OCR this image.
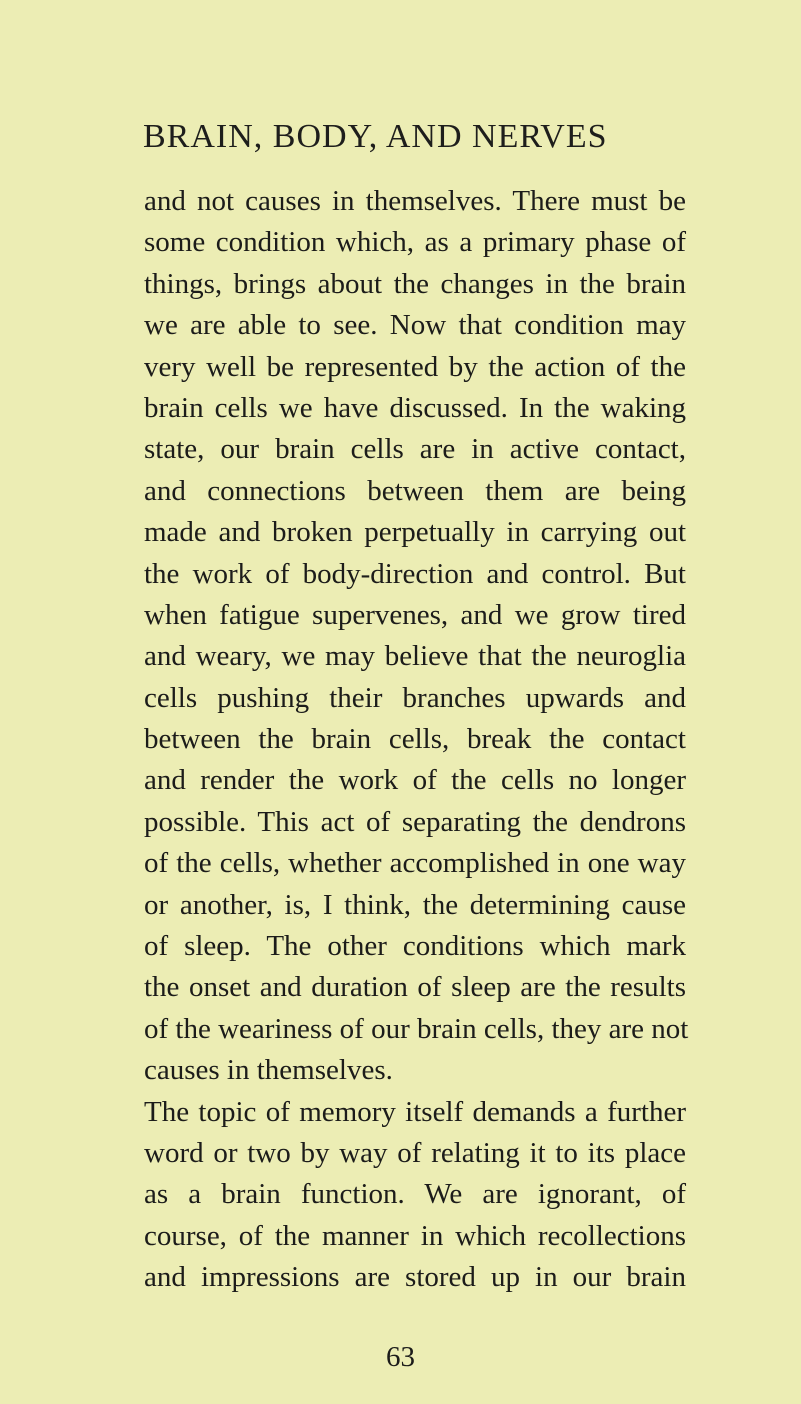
BRAIN, BODY, AND NERVES
and not causes in themselves. There must be
some condition which, as a primary phase of
things, brings about the changes in the brain
we are able to see. Now that condition may
very well be represented by the action of the
brain cells we have discussed. In the waking
state, our brain cells are in active contact,
and connections between them are being
made and broken perpetually in carrying out
the work of body-direction and control. But
when fatigue supervenes, and we grow tired
and weary, we may believe that the neuroglia
cells pushing their branches upwards and
between the brain cells, break the contact
and render the work of the cells no longer
possible. This act of separating the dendrons
of the cells, whether accomplished in one way
or another, is, I think, the determining cause
of sleep. The other conditions which mark
the onset and duration of sleep are the results
of the weariness of our brain cells, they are not
causes in themselves.
The topic of memory itself demands a further
word or two by way of relating it to its place
as a brain function. We are ignorant, of
course, of the manner in which recollections
and impressions are stored up in our brain
63
